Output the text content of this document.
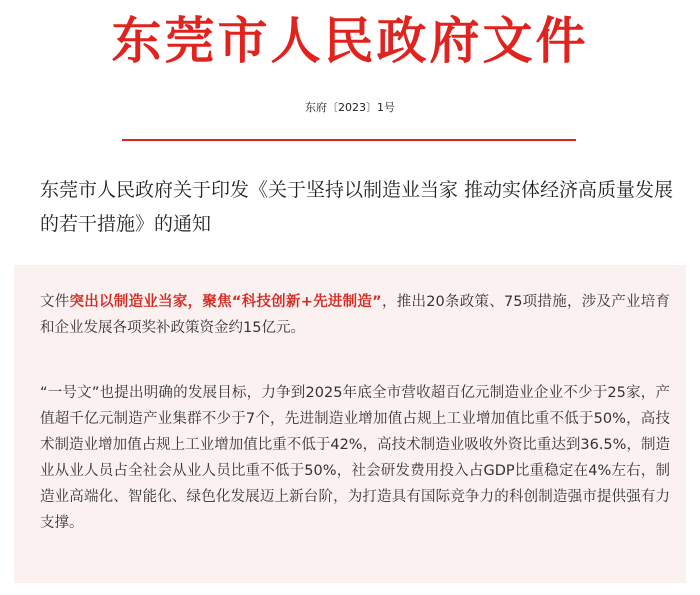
东莞市人民政府文件
东府〔2023〕1号
东莞市人民政府关于印发《关于坚持以制造业当家 推动实体经济高质量发展的若干措施》的通知

文件突出以制造业当家，聚焦“科技创新+先进制造”，推出20条政策、75项措施，涉及产业培育和企业发展各项奖补政策资金约15亿元。

“一号文”也提出明确的发展目标，力争到2025年底全市营收超百亿元制造业企业不少于25家，产值超千亿元制造产业集群不少于7个，先进制造业增加值占规上工业增加值比重不低于50%，高技术制造业增加值占规上工业增加值比重不低于42%，高技术制造业吸收外资比重达到36.5%，制造业从业人员占全社会从业人员比重不低于50%，社会研发费用投入占GDP比重稳定在4%左右，制造业高端化、智能化、绿色化发展迈上新台阶，为打造具有国际竞争力的科创制造强市提供强有力支撑。
